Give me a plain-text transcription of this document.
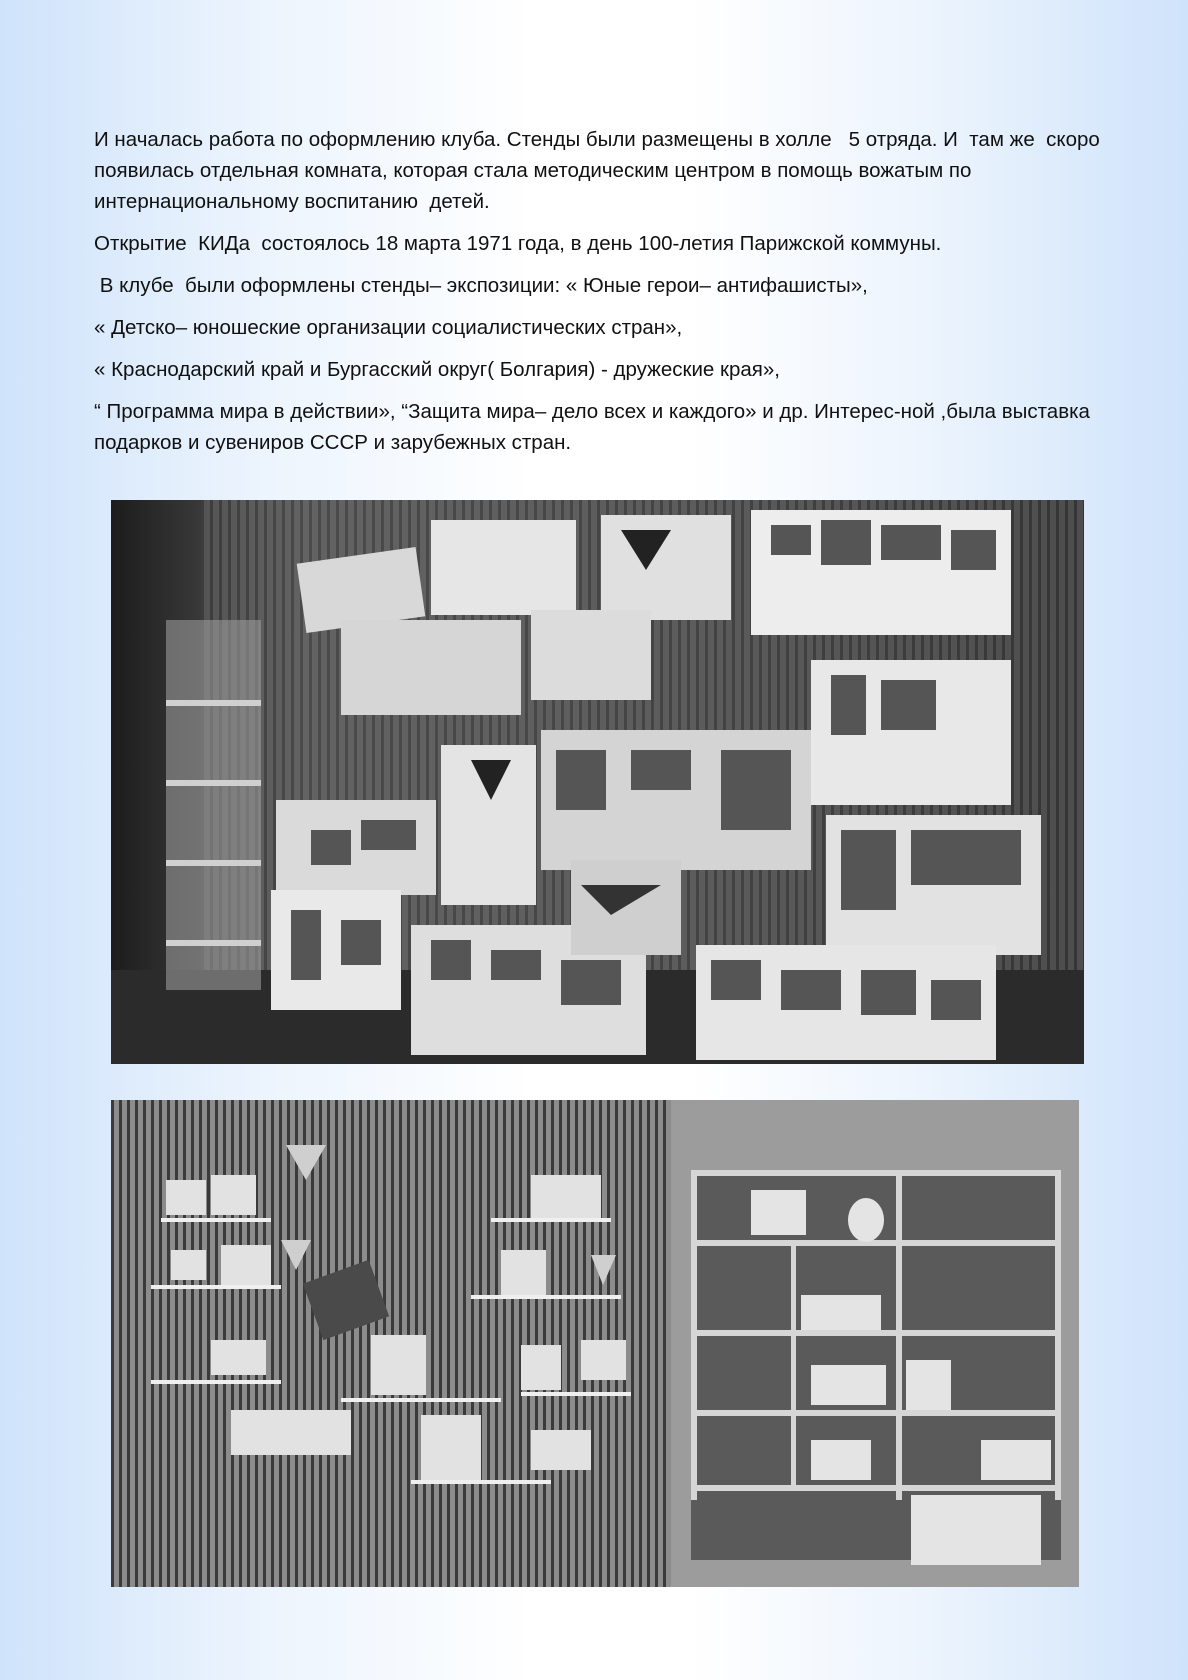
И началась работа по оформлению клуба. Стенды были размещены в холле   5 отряда. И  там же  скоро появилась отдельная комната, которая стала методическим центром в помощь вожатым по интернациональному воспитанию  детей.

Открытие  КИДа  состоялось 18 марта 1971 года, в день 100-летия Парижской коммуны.

В клубе  были оформлены стенды– экспозиции: « Юные герои– антифашисты»,

« Детско– юношеские организации социалистических стран»,

« Краснодарский край и Бургасский округ( Болгария) - дружеские края»,

“ Программа мира в действии», “Защита мира– дело всех и каждого» и др. Интерес-ной ,была выставка подарков и сувениров СССР и зарубежных стран.
